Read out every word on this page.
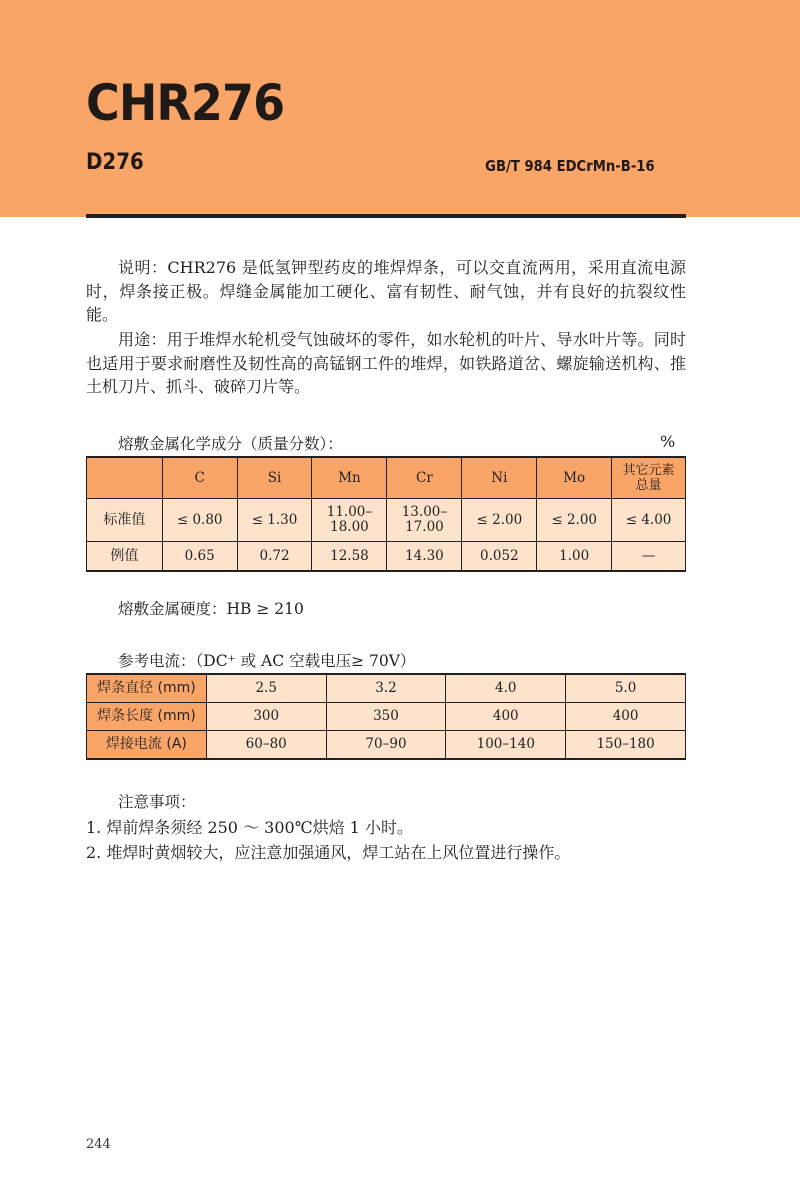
CHR276
D276	GB/T 984 EDCrMn-B-16
说明：CHR276 是低氢钾型药皮的堆焊焊条，可以交直流两用，采用直流电源时，焊条接正极。焊缝金属能加工硬化、富有韧性、耐气蚀，并有良好的抗裂纹性能。
用途：用于堆焊水轮机受气蚀破坏的零件，如水轮机的叶片、导水叶片等。同时也适用于要求耐磨性及韧性高的高锰钢工件的堆焊，如铁路道岔、螺旋输送机构、推土机刀片、抓斗、破碎刀片等。
熔敷金属化学成分（质量分数）：	%
	C	Si	Mn	Cr	Ni	Mo	其它元素总量
标准值	≤ 0.80	≤ 1.30	11.00–18.00	13.00–17.00	≤ 2.00	≤ 2.00	≤ 4.00
例值	0.65	0.72	12.58	14.30	0.052	1.00	—
熔敷金属硬度：HB ≥ 210
参考电流：（DC⁺ 或 AC 空载电压≥ 70V）
焊条直径 (mm)	2.5	3.2	4.0	5.0
焊条长度 (mm)	300	350	400	400
焊接电流 (A)	60–80	70–90	100–140	150–180
注意事项：
1. 焊前焊条须经 250 ～ 300℃烘焙 1 小时。
2. 堆焊时黄烟较大，应注意加强通风，焊工站在上风位置进行操作。
244
